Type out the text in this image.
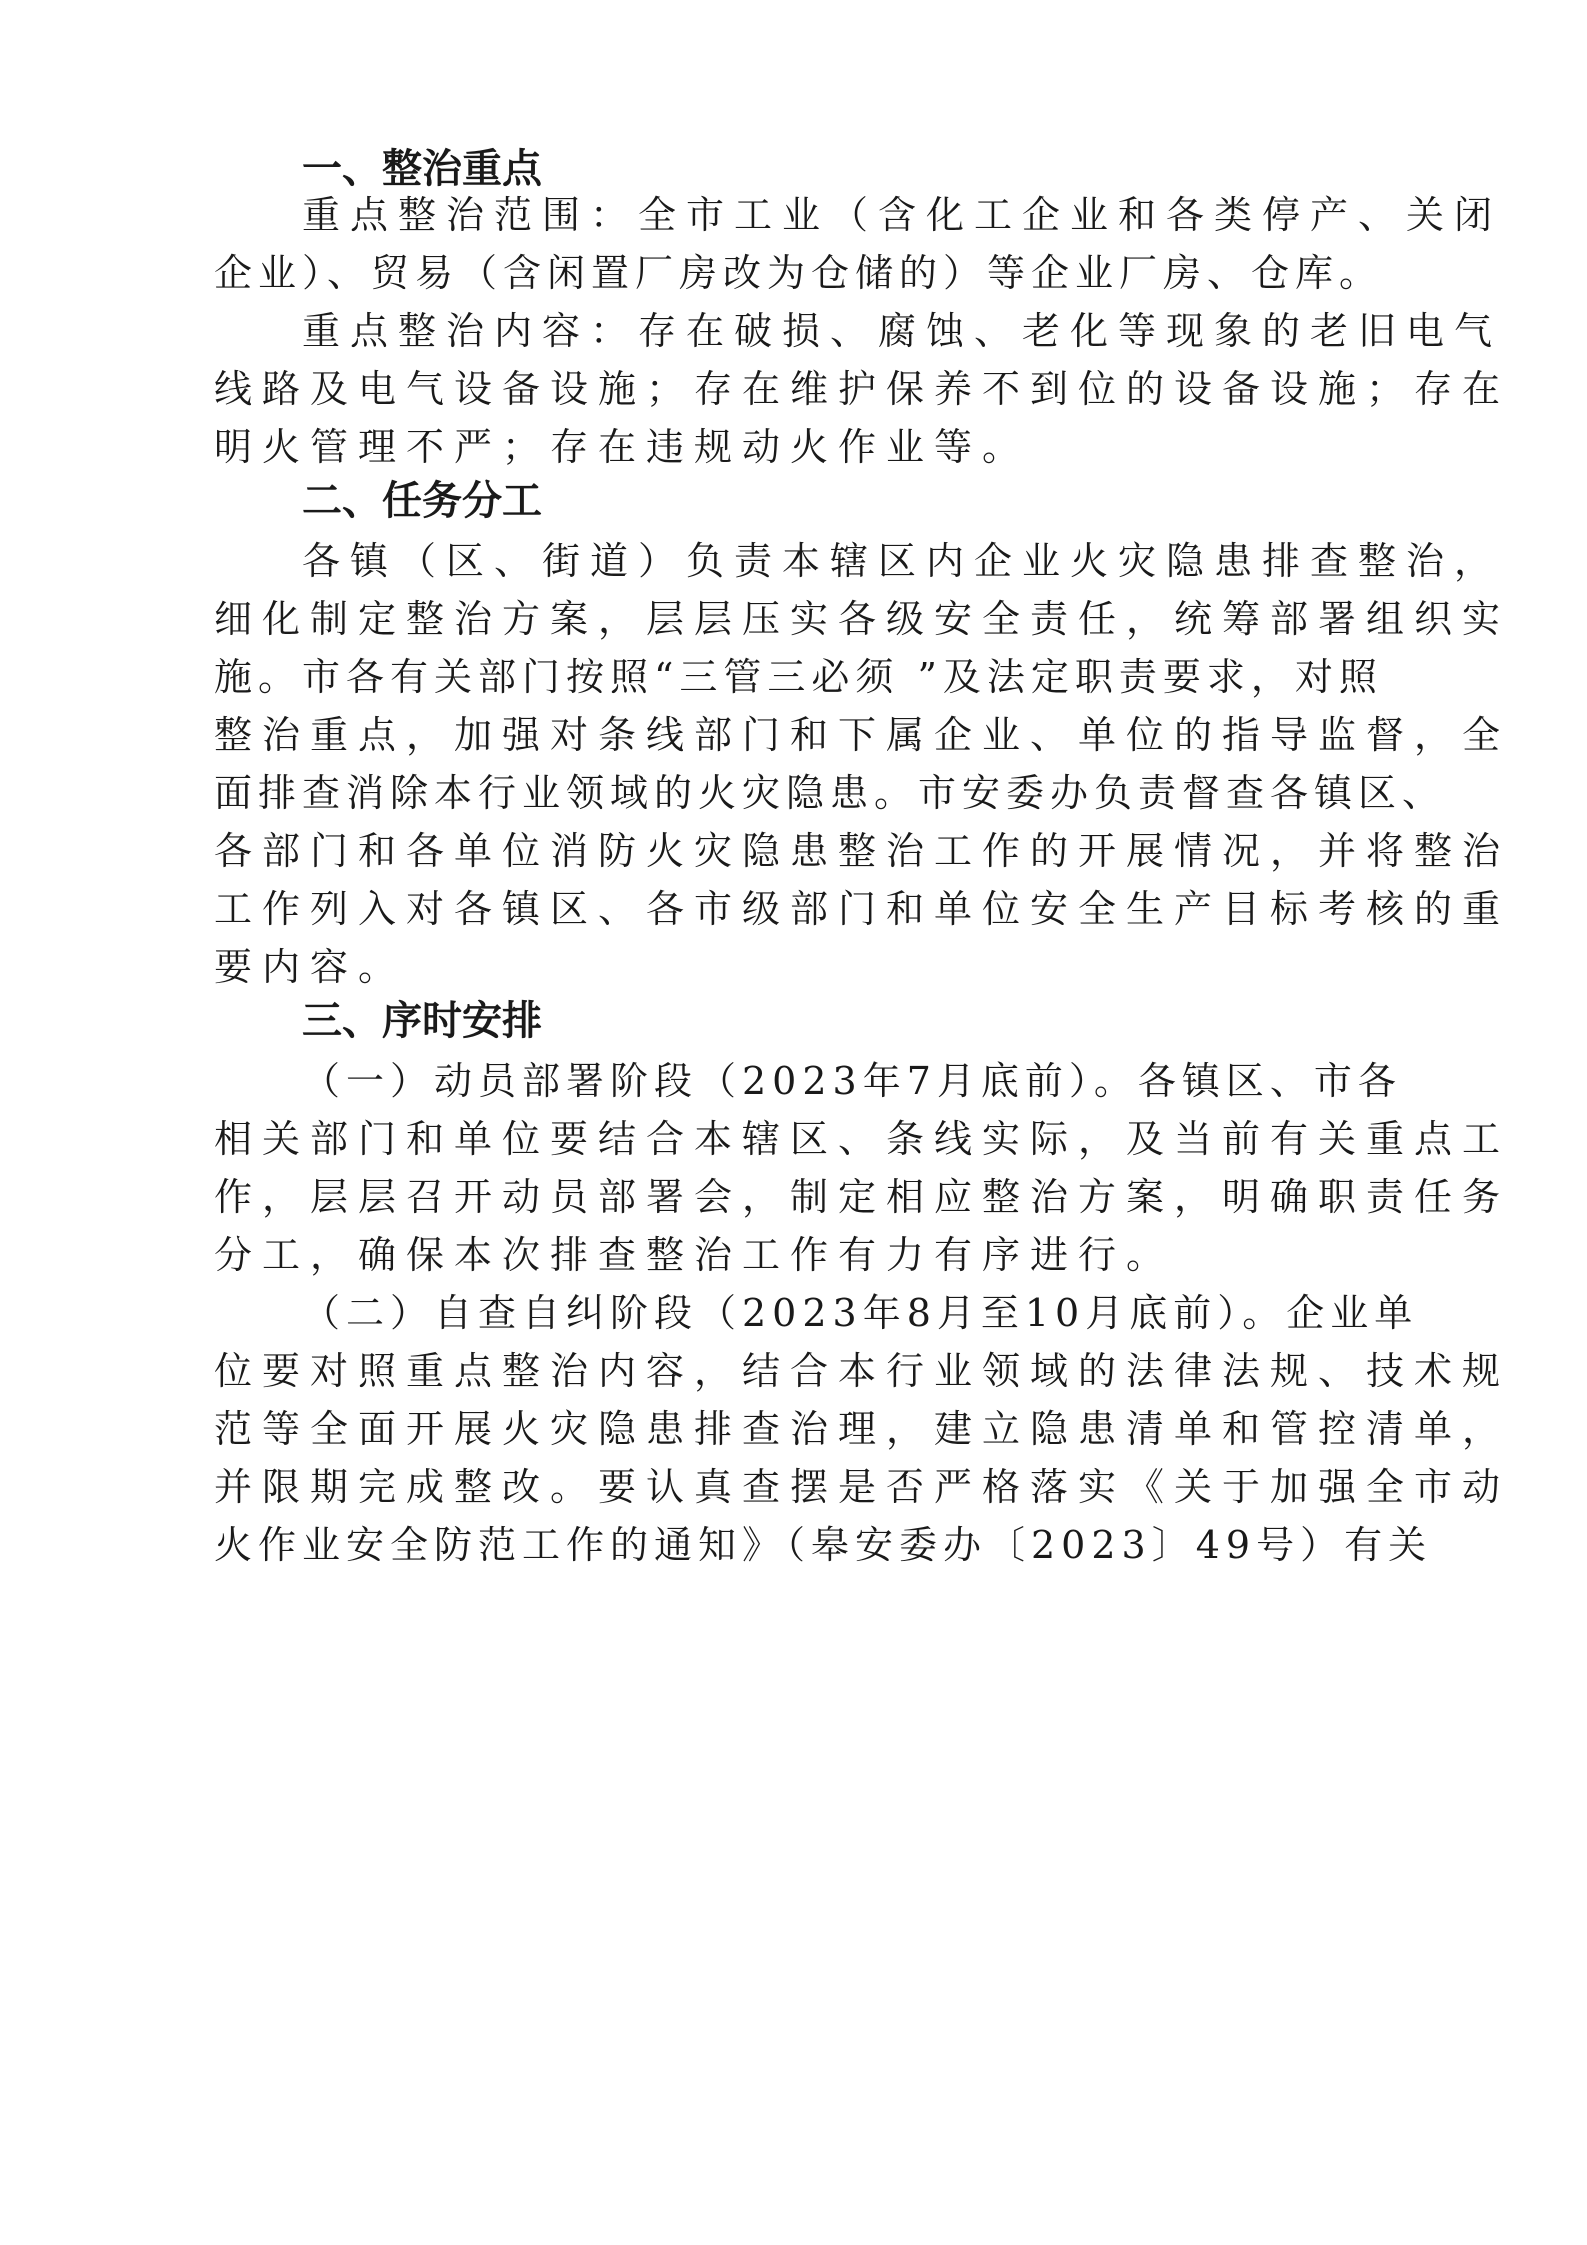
一、整治重点
重点整治范围：全市工业（含化工企业和各类停产、关闭
企业）、贸易（含闲置厂房改为仓储的）等企业厂房、仓库。
重点整治内容：存在破损、腐蚀、老化等现象的老旧电气
线路及电气设备设施；存在维护保养不到位的设备设施；存在
明火管理不严；存在违规动火作业等。
二、任务分工
各镇（区、街道）负责本辖区内企业火灾隐患排查整治，
细化制定整治方案，层层压实各级安全责任，统筹部署组织实
施。市各有关部门按照“三管三必须 ”及法定职责要求，对照
整治重点，加强对条线部门和下属企业、单位的指导监督，全
面排查消除本行业领域的火灾隐患。市安委办负责督查各镇区、
各部门和各单位消防火灾隐患整治工作的开展情况，并将整治
工作列入对各镇区、各市级部门和单位安全生产目标考核的重
要内容。
三、序时安排
（一）动员部署阶段（2023年7月底前）。各镇区、市各
相关部门和单位要结合本辖区、条线实际，及当前有关重点工
作，层层召开动员部署会，制定相应整治方案，明确职责任务
分工，确保本次排查整治工作有力有序进行。
（二）自查自纠阶段（2023年8月至10月底前）。企业单
位要对照重点整治内容，结合本行业领域的法律法规、技术规
范等全面开展火灾隐患排查治理，建立隐患清单和管控清单，
并限期完成整改。要认真查摆是否严格落实《关于加强全市动
火作业安全防范工作的通知》（皋安委办〔2023〕49号）有关
